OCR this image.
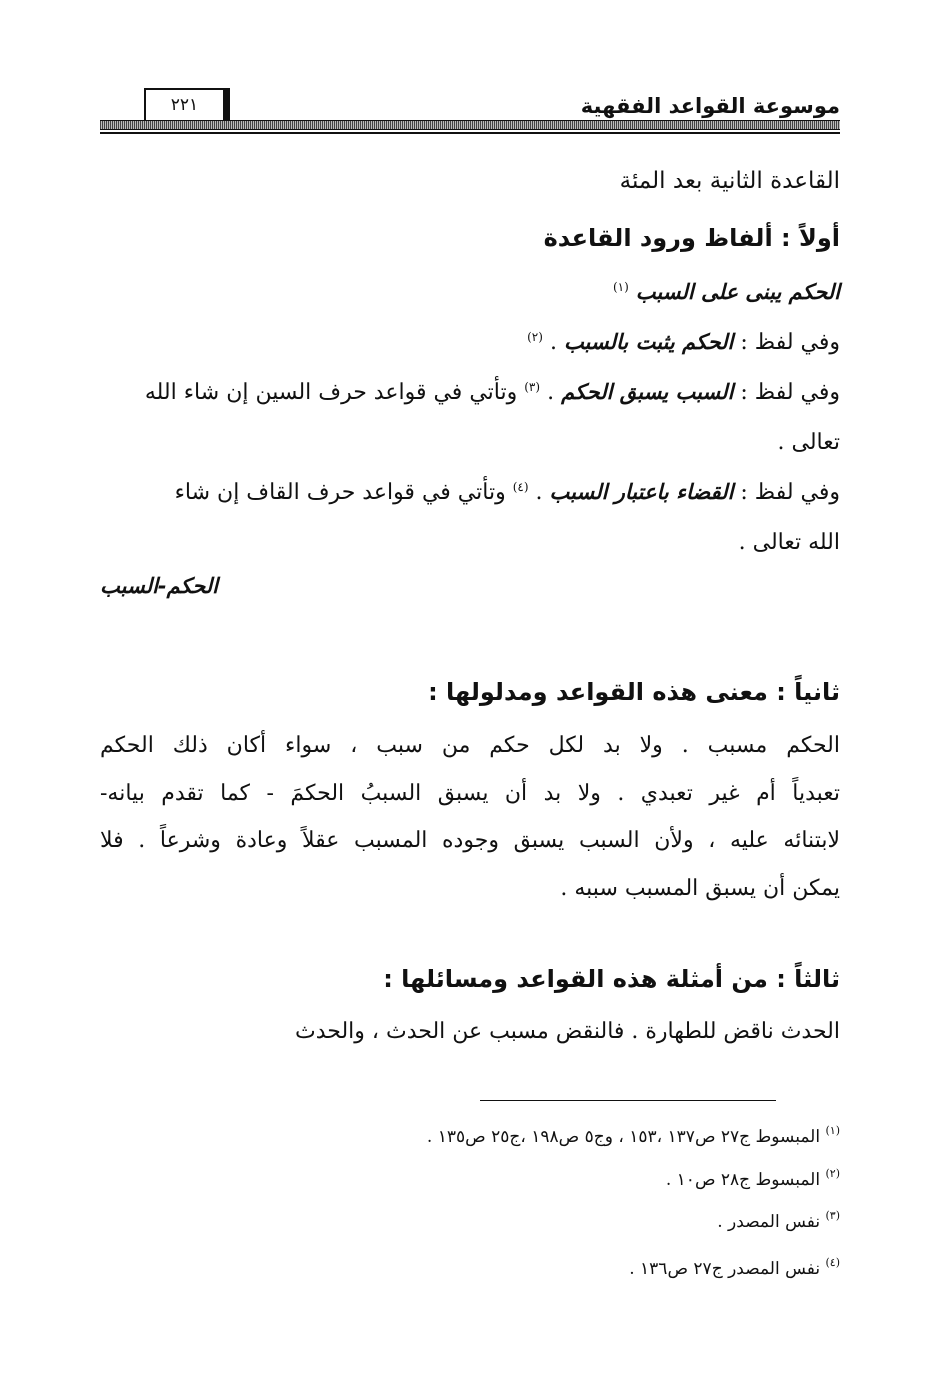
موسوعة القواعد الفقهية
٢٢١
القاعدة الثانية بعد المئة
أولاً : ألفاظ ورود القاعدة
الحكم يبنى على السبب $^{(١)}$
وفي لفظ : الحكم يثبت بالسبب . $^{(٢)}$
وفي لفظ : السبب يسبق الحكم . $^{(٣)}$ وتأتي في قواعد حرف السين إن شاء الله
تعالى .
وفي لفظ : القضاء باعتبار السبب . $^{(٤)}$ وتأتي في قواعد حرف القاف إن شاء
الله تعالى .
الحكم-السبب
ثانياً : معنى هذه القواعد ومدلولها :
الحكم مسبب . ولا بد لكل حكم من سبب ، سواء أكان ذلك الحكم
تعبدياً أم غير تعبدي . ولا بد أن يسبق السببُ الحكمَ - كما تقدم بيانه-
لابتنائه عليه ، ولأن السبب يسبق وجوده المسبب عقلاً وعادة وشرعاً . فلا
يمكن أن يسبق المسبب سببه .
ثالثاً : من أمثلة هذه القواعد ومسائلها :
الحدث ناقض للطهارة . فالنقض مسبب عن الحدث ، والحدث
$^{(١)}$ المبسوط ج٢٧ ص١٣٧ ،١٥٣ ، وج٥ ص١٩٨ ،ج٢٥ ص١٣٥ .
$^{(٢)}$ المبسوط ج٢٨ ص١٠ .
$^{(٣)}$ نفس المصدر .
$^{(٤)}$ نفس المصدر ج٢٧ ص١٣٦ .
